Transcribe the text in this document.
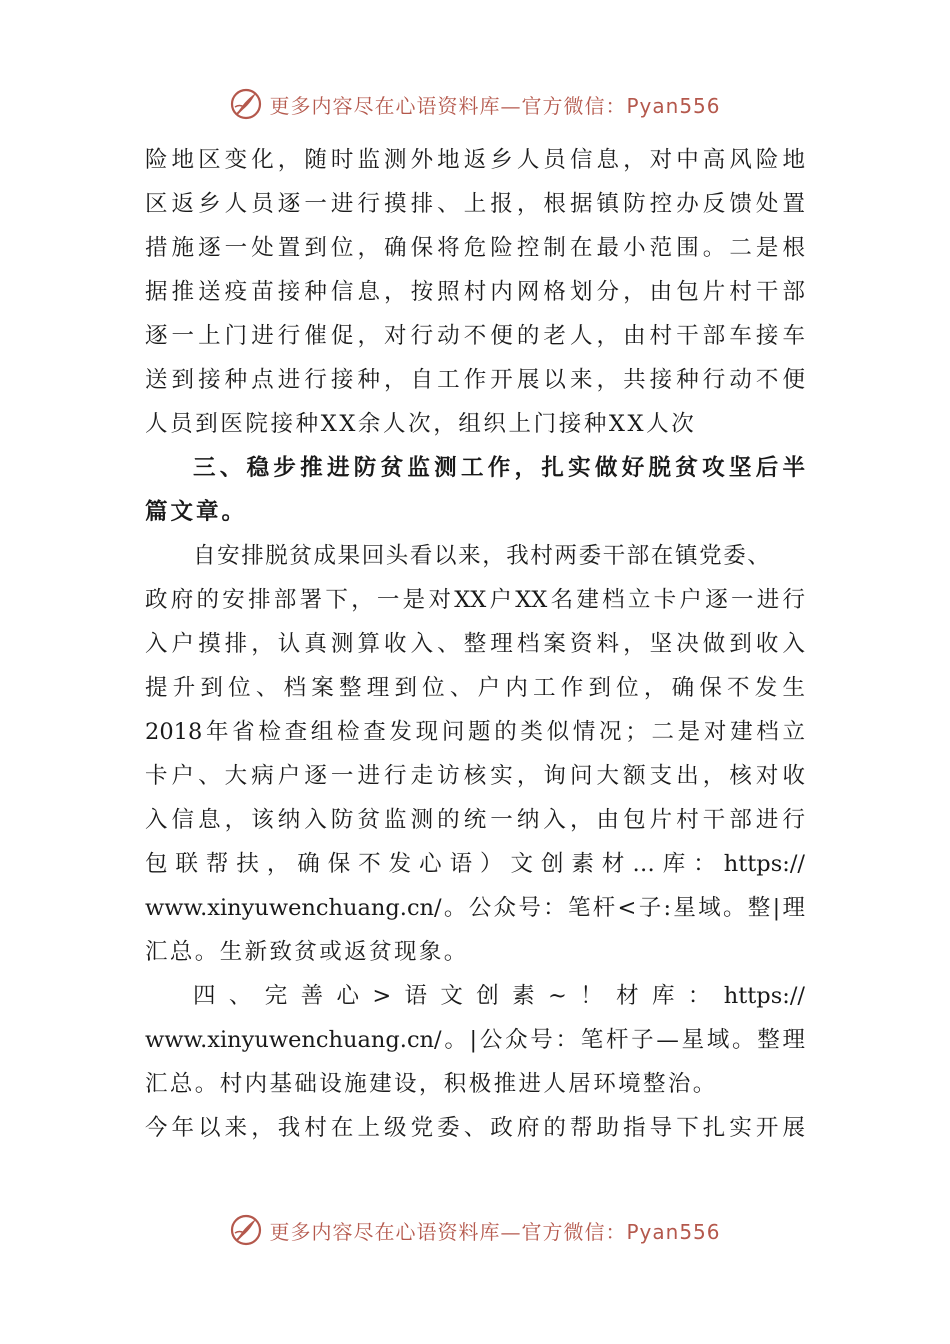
更多内容尽在心语资料库—官方微信：Pyan556
险地区变化，随时监测外地返乡人员信息，对中高风险地
区返乡人员逐一进行摸排、上报，根据镇防控办反馈处置
措施逐一处置到位，确保将危险控制在最小范围。二是根
据推送疫苗接种信息，按照村内网格划分，由包片村干部
逐一上门进行催促，对行动不便的老人，由村干部车接车
送到接种点进行接种，自工作开展以来，共接种行动不便
人员到医院接种XX余人次，组织上门接种XX人次
三、稳步推进防贫监测工作，扎实做好脱贫攻坚后半
篇文章。
自安排脱贫成果回头看以来，我村两委干部在镇党委、
政府的安排部署下，一是对XX户XX名建档立卡户逐一进行
入户摸排，认真测算收入、整理档案资料，坚决做到收入
提升到位、档案整理到位、户内工作到位，确保不发生
2018年省检查组检查发现问题的类似情况；二是对建档立
卡户、大病户逐一进行走访核实，询问大额支出，核对收
入信息，该纳入防贫监测的统一纳入，由包片村干部进行
包联帮扶，确保不发心语）文创素材…库：https://
www.xinyuwenchuang.cn/。公众号：笔杆<子:星域。整|理
汇总。生新致贫或返贫现象。
四、完善心>语文创素~！材库：https://
www.xinyuwenchuang.cn/。|公众号：笔杆子—星域。整理
汇总。村内基础设施建设，积极推进人居环境整治。
今年以来，我村在上级党委、政府的帮助指导下扎实开展
更多内容尽在心语资料库—官方微信：Pyan556
